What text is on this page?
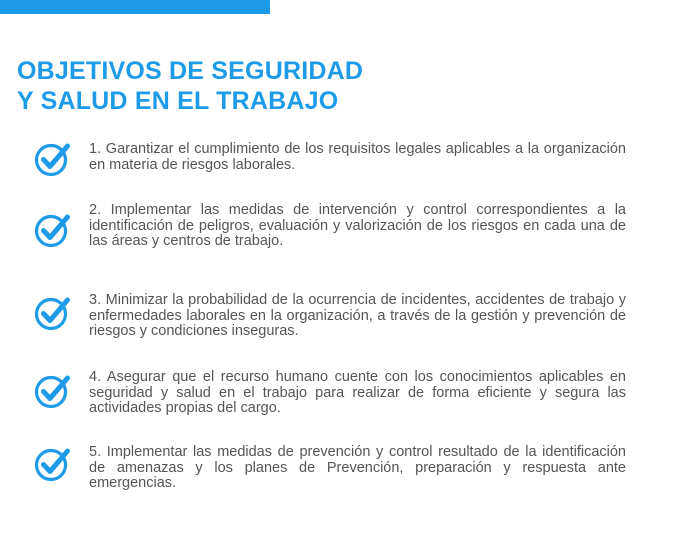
OBJETIVOS DE SEGURIDAD
Y SALUD EN EL TRABAJO

1. Garantizar el cumplimiento de los requisitos legales aplicables a la organización en materia de riesgos laborales.

2. Implementar las medidas de intervención y control correspondientes a la identificación de peligros, evaluación y valorización de los riesgos en cada una de las áreas y centros de trabajo.

3. Minimizar la probabilidad de la ocurrencia de incidentes, accidentes de trabajo y enfermedades laborales en la organización, a través de la gestión y prevención de riesgos y condiciones inseguras.

4. Asegurar que el recurso humano cuente con los conocimientos aplicables en seguridad y salud en el trabajo para realizar de forma eficiente y segura las actividades propias del cargo.

5. Implementar las medidas de prevención y control resultado de la identificación de amenazas y los planes de Prevención, preparación y respuesta ante emergencias.
